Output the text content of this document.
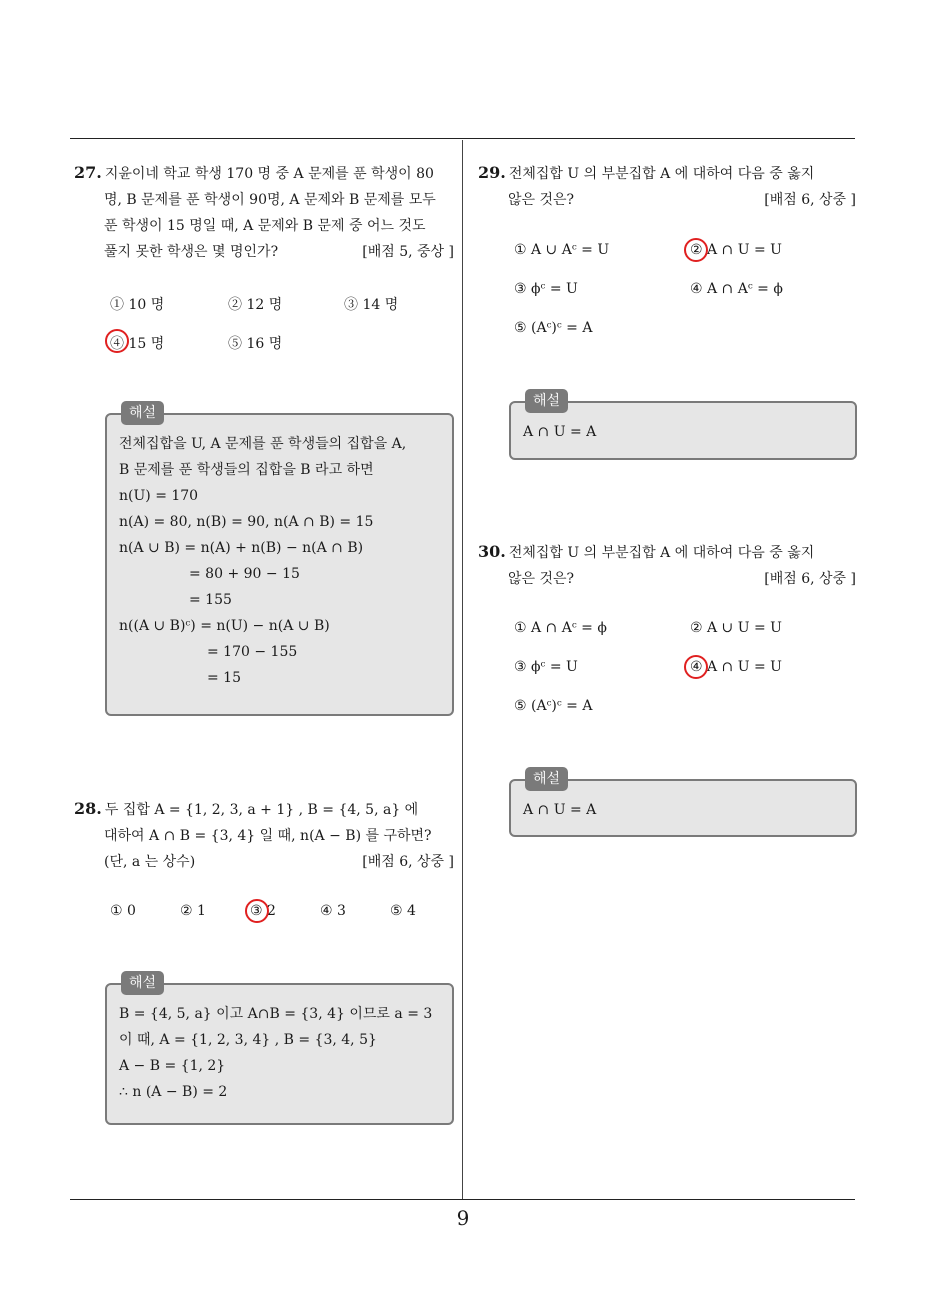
9
27. 지윤이네 학교 학생 170 명 중 A 문제를 푼 학생이 80
명, B 문제를 푼 학생이 90명, A 문제와 B 문제를 모두
푼 학생이 15 명일 때, A 문제와 B 문제 중 어느 것도
풀지 못한 학생은 몇 명인가?	[배점 5, 중상 ]
① 10 명	② 12 명	③ 14 명
④ 15 명	⑤ 16 명
해설
전체집합을 U, A 문제를 푼 학생들의 집합을 A,
B 문제를 푼 학생들의 집합을 B 라고 하면
n(U) = 170
n(A) = 80, n(B) = 90, n(A ∩ B) = 15
n(A ∪ B) = n(A) + n(B) − n(A ∩ B)
= 80 + 90 − 15
= 155
n((A ∪ B)ᶜ) = n(U) − n(A ∪ B)
= 170 − 155
= 15
28. 두 집합 A = {1, 2, 3, a + 1} , B = {4, 5, a} 에
대하여 A ∩ B = {3, 4} 일 때, n(A − B) 를 구하면?
(단, a 는 상수)	[배점 6, 상중 ]
① 0	② 1	③ 2	④ 3	⑤ 4
해설
B = {4, 5, a} 이고 A∩B = {3, 4} 이므로 a = 3
이 때, A = {1, 2, 3, 4} , B = {3, 4, 5}
A − B = {1, 2}
∴ n (A − B) = 2
29. 전체집합 U 의 부분집합 A 에 대하여 다음 중 옳지
않은 것은?	[배점 6, 상중 ]
① A ∪ Aᶜ = U	② A ∩ U = U
③ ϕᶜ = U	④ A ∩ Aᶜ = ϕ
⑤ (Aᶜ)ᶜ = A
해설
A ∩ U = A
30. 전체집합 U 의 부분집합 A 에 대하여 다음 중 옳지
않은 것은?	[배점 6, 상중 ]
① A ∩ Aᶜ = ϕ	② A ∪ U = U
③ ϕᶜ = U	④ A ∩ U = U
⑤ (Aᶜ)ᶜ = A
해설
A ∩ U = A
